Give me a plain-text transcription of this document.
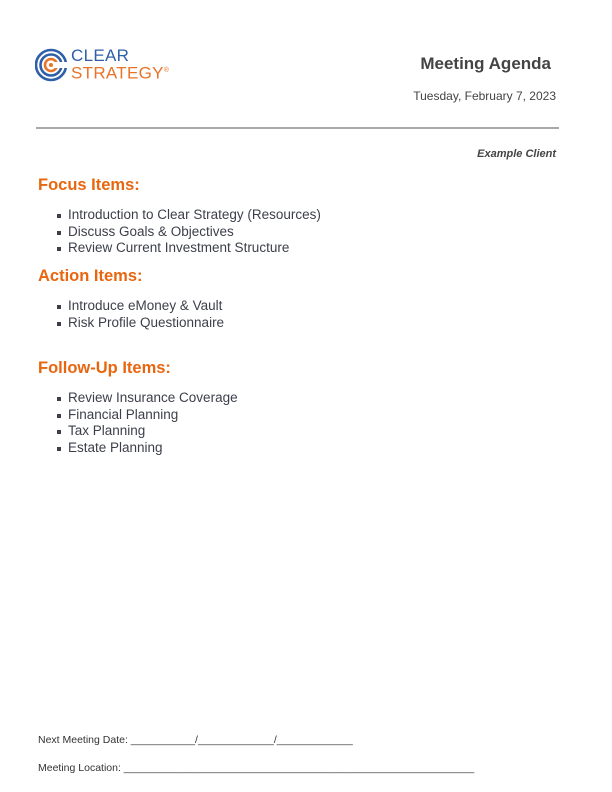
CLEAR
STRATEGY®	Meeting Agenda
Tuesday, February 7, 2023
Example Client
Focus Items:
Introduction to Clear Strategy (Resources)
Discuss Goals & Objectives
Review Current Investment Structure
Action Items:
Introduce eMoney & Vault
Risk Profile Questionnaire
Follow-Up Items:
Review Insurance Coverage
Financial Planning
Tax Planning
Estate Planning
Next Meeting Date: ___________/_____________/_____________
Meeting Location: ____________________________________________________________
